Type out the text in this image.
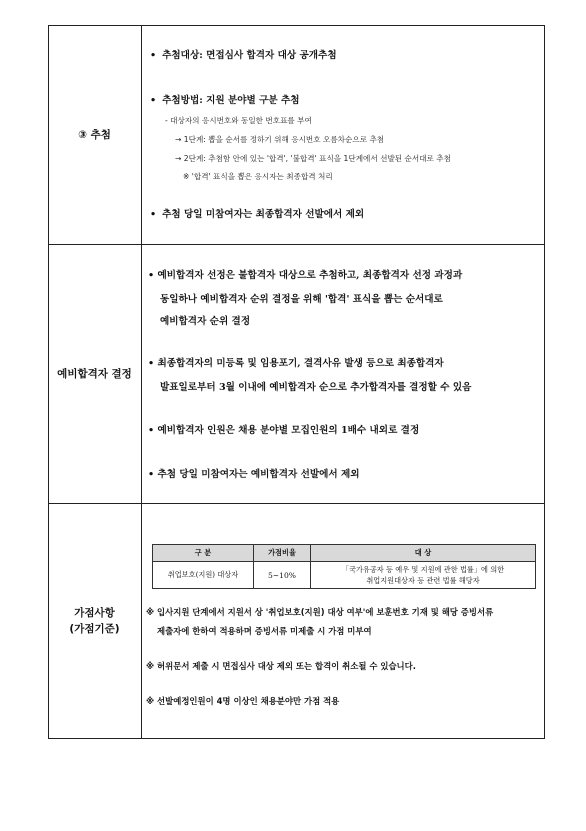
③ 추첨
• 추첨대상: 면접심사 합격자 대상 공개추첨
• 추첨방법: 지원 분야별 구분 추첨
- 대상자의 응시번호와 동일한 번호표를 부여
→ 1단계: 뽑을 순서를 정하기 위해 응시번호 오름차순으로 추첨
→ 2단계: 추첨함 안에 있는 '합격', '불합격' 표식을 1단계에서 선발된 순서대로 추첨
※ '합격' 표식을 뽑은 응시자는 최종합격 처리
• 추첨 당일 미참여자는 최종합격자 선발에서 제외
예비합격자 결정
• 예비합격자 선정은 불합격자 대상으로 추첨하고, 최종합격자 선정 과정과
동일하나 예비합격자 순위 결정을 위해 '합격' 표식을 뽑는 순서대로
예비합격자 순위 결정
• 최종합격자의 미등록 및 임용포기, 결격사유 발생 등으로 최종합격자
발표일로부터 3월 이내에 예비합격자 순으로 추가합격자를 결정할 수 있음
• 예비합격자 인원은 채용 분야별 모집인원의 1배수 내외로 결정
• 추첨 당일 미참여자는 예비합격자 선발에서 제외
가점사항
(가점기준)
구 분	가점비율	대 상
취업보호(지원) 대상자	5~10%	「국가유공자 등 예우 및 지원에 관한 법률」에 의한
취업지원대상자 등 관련 법률 해당자
※ 입사지원 단계에서 지원서 상 '취업보호(지원) 대상 여부'에 보훈번호 기재 및 해당 증빙서류
제출자에 한하여 적용하며 증빙서류 미제출 시 가점 미부여
※ 허위문서 제출 시 면접심사 대상 제외 또는 합격이 취소될 수 있습니다.
※ 선발예정인원이 4명 이상인 채용분야만 가점 적용
